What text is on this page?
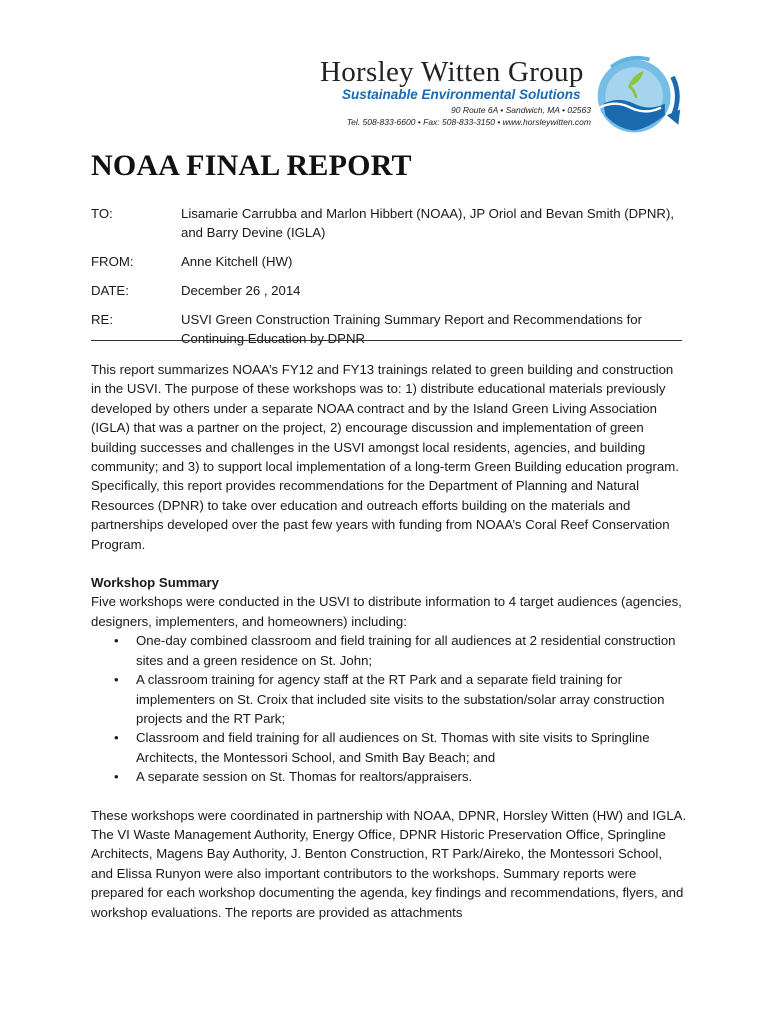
Horsley Witten Group
Sustainable Environmental Solutions
90 Route 6A • Sandwich, MA • 02563
Tel. 508-833-6600 • Fax: 508-833-3150 • www.horsleywitten.com
NOAA FINAL REPORT
TO:	Lisamarie Carrubba and Marlon Hibbert (NOAA), JP Oriol and Bevan Smith (DPNR), and Barry Devine (IGLA)
FROM:	Anne Kitchell (HW)
DATE:	December 26 , 2014
RE:	USVI Green Construction Training Summary Report and Recommendations for Continuing Education by DPNR

This report summarizes NOAA’s FY12 and FY13 trainings related to green building and construction in the USVI. The purpose of these workshops was to: 1) distribute educational materials previously developed by others under a separate NOAA contract and by the Island Green Living Association (IGLA) that was a partner on the project, 2) encourage discussion and implementation of green building successes and challenges in the USVI amongst local residents, agencies, and building community; and 3) to support local implementation of a long-term Green Building education program. Specifically, this report provides recommendations for the Department of Planning and Natural Resources (DPNR) to take over education and outreach efforts building on the materials and partnerships developed over the past few years with funding from NOAA’s Coral Reef Conservation Program.

Workshop Summary

Five workshops were conducted in the USVI to distribute information to 4 target audiences (agencies, designers, implementers, and homeowners) including:

• One-day combined classroom and field training for all audiences at 2 residential construction sites and a green residence on St. John;
• A classroom training for agency staff at the RT Park and a separate field training for implementers on St. Croix that included site visits to the substation/solar array construction projects and the RT Park;
• Classroom and field training for all audiences on St. Thomas with site visits to Springline Architects, the Montessori School, and Smith Bay Beach; and
• A separate session on St. Thomas for realtors/appraisers.

These workshops were coordinated in partnership with NOAA, DPNR, Horsley Witten (HW) and IGLA. The VI Waste Management Authority, Energy Office, DPNR Historic Preservation Office, Springline Architects, Magens Bay Authority, J. Benton Construction, RT Park/Aireko, the Montessori School, and Elissa Runyon were also important contributors to the workshops. Summary reports were prepared for each workshop documenting the agenda, key findings and recommendations, flyers, and workshop evaluations. The reports are provided as attachments
